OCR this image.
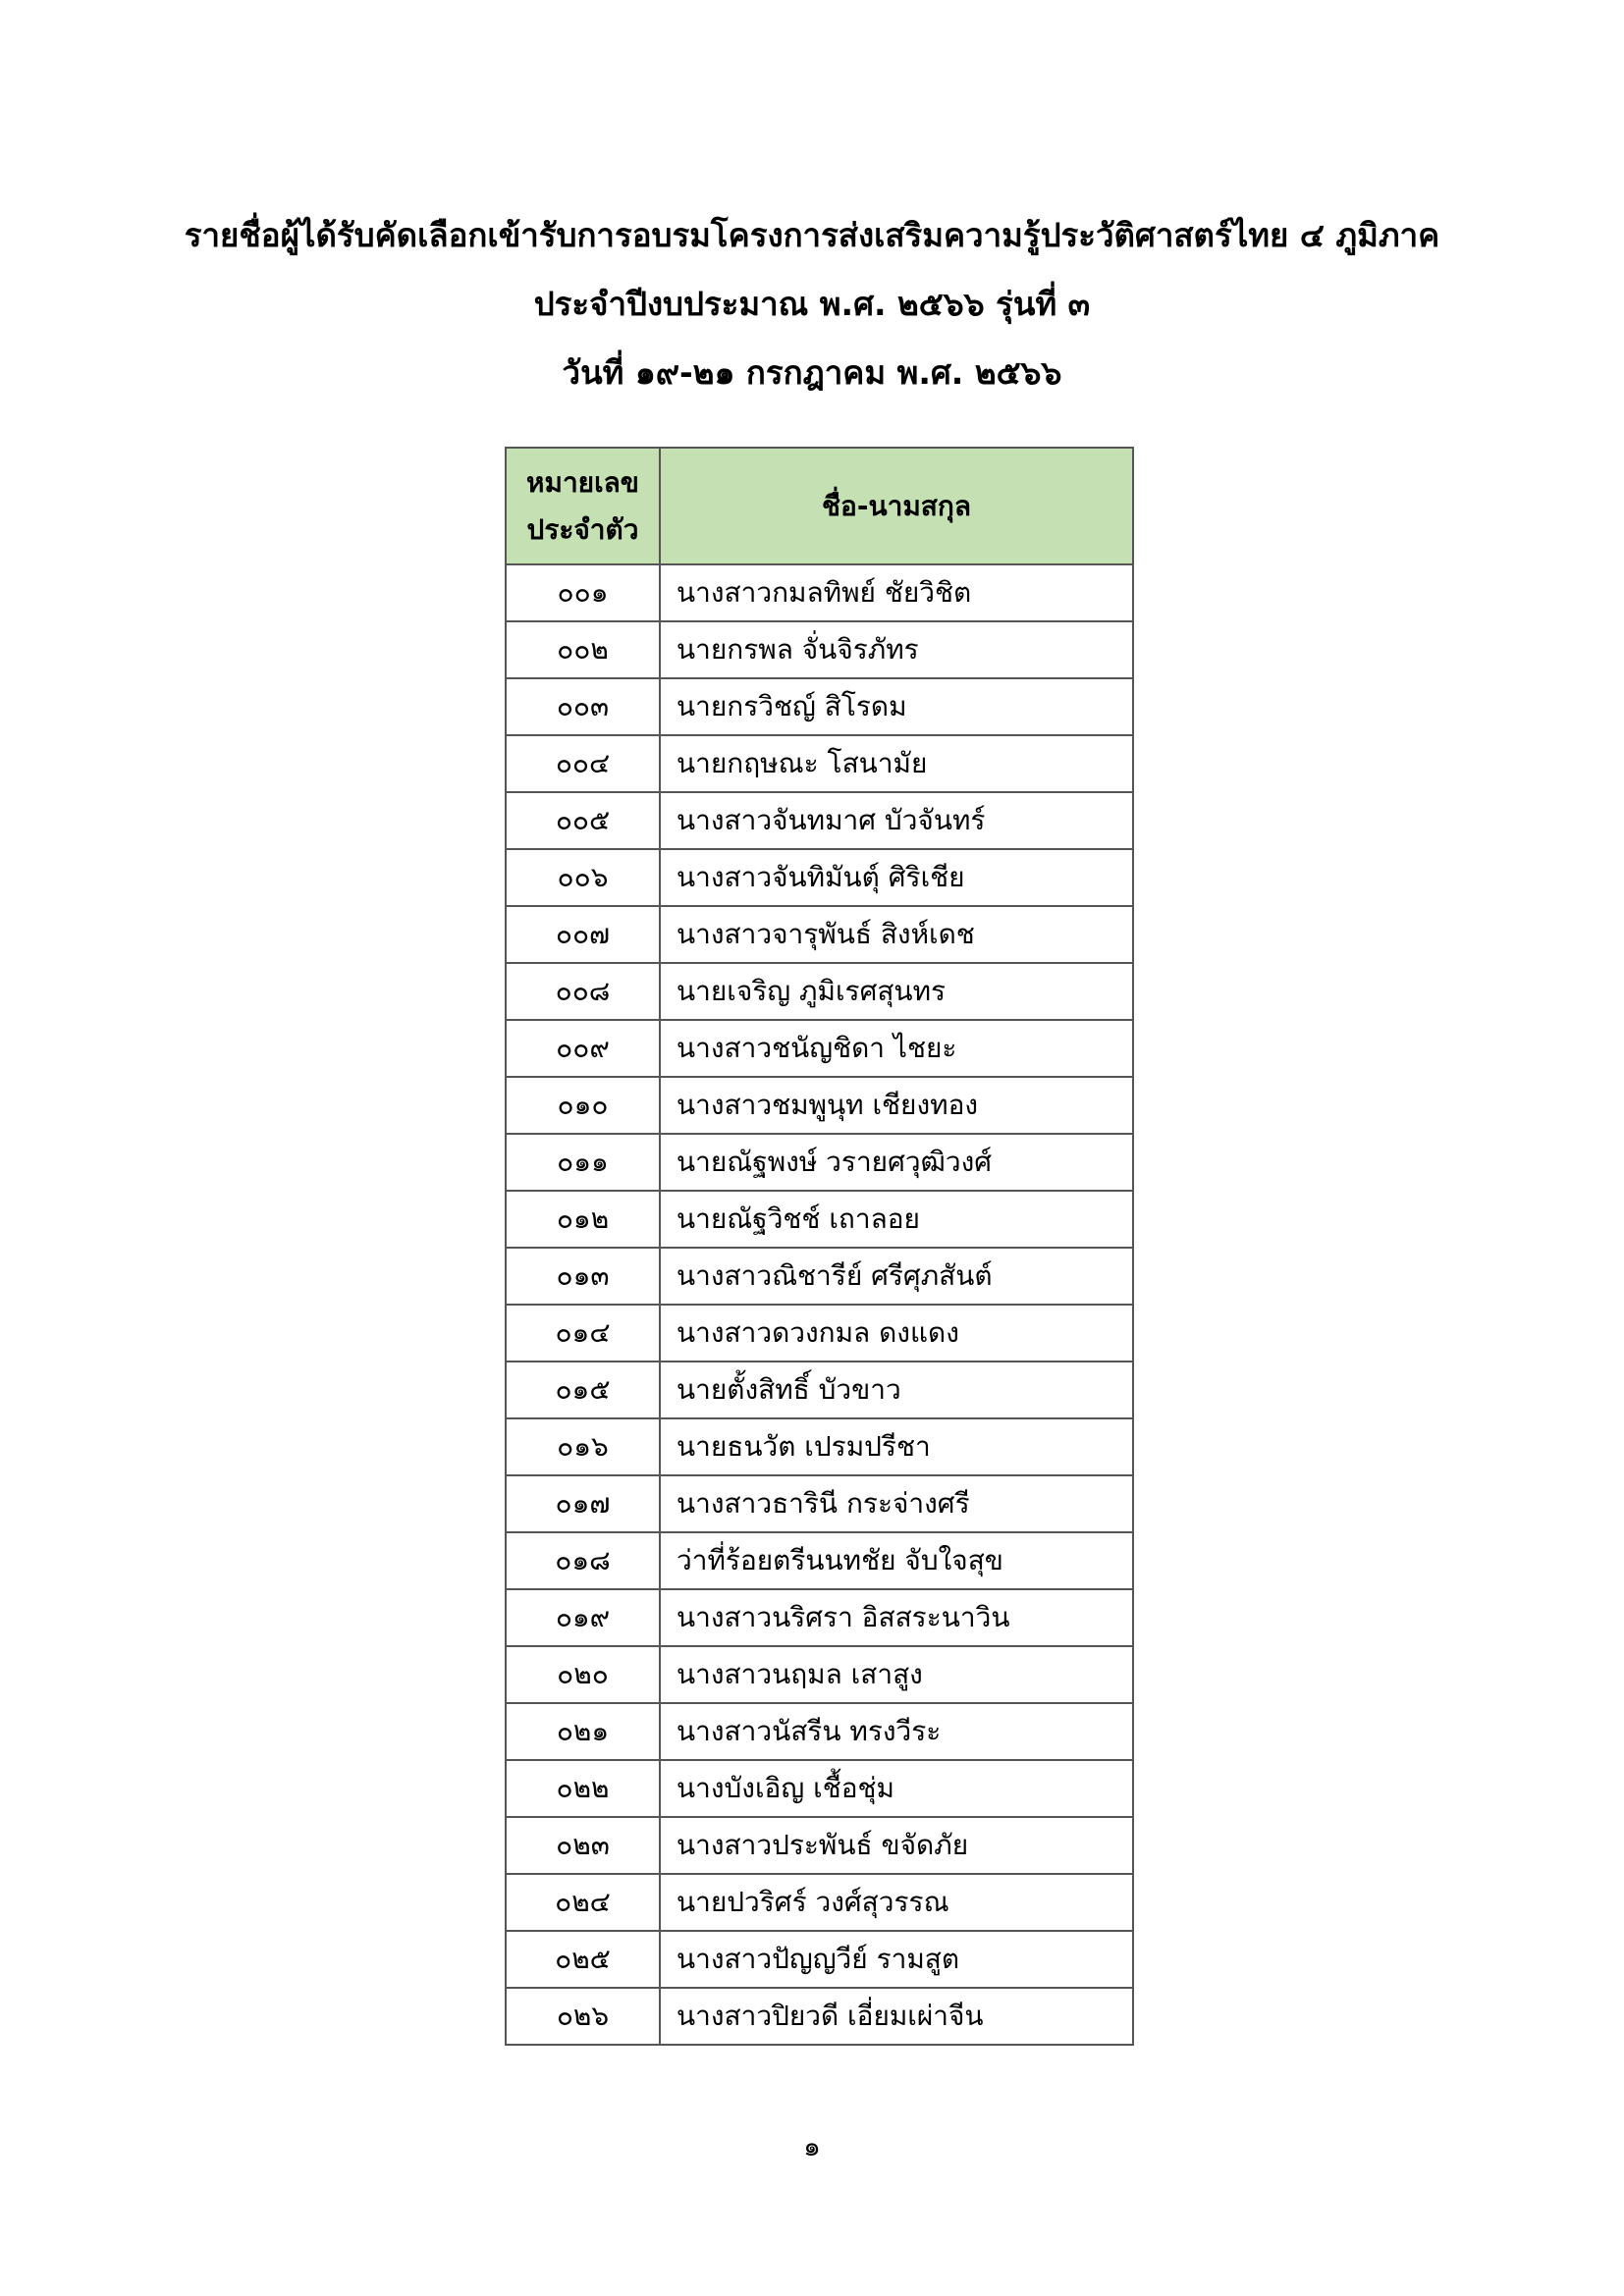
รายชื่อผู้ได้รับคัดเลือกเข้ารับการอบรมโครงการส่งเสริมความรู้ประวัติศาสตร์ไทย ๔ ภูมิภาค
ประจำปีงบประมาณ พ.ศ. ๒๕๖๖ รุ่นที่ ๓
วันที่ ๑๙-๒๑ กรกฎาคม พ.ศ. ๒๕๖๖
หมายเลข
ประจำตัว	ชื่อ-นามสกุล
๐๐๑	นางสาวกมลทิพย์ ชัยวิชิต
๐๐๒	นายกรพล จั่นจิรภัทร
๐๐๓	นายกรวิชญ์ สิโรดม
๐๐๔	นายกฤษณะ โสนามัย
๐๐๕	นางสาวจันทมาศ บัวจันทร์
๐๐๖	นางสาวจันทิมันตุ์ ศิริเชีย
๐๐๗	นางสาวจารุพันธ์ สิงห์เดช
๐๐๘	นายเจริญ ภูมิเรศสุนทร
๐๐๙	นางสาวชนัญชิดา ไชยะ
๐๑๐	นางสาวชมพูนุท เชียงทอง
๐๑๑	นายณัฐพงษ์ วรายศวุฒิวงศ์
๐๑๒	นายณัฐวิชช์ เถาลอย
๐๑๓	นางสาวณิชารีย์ ศรีศุภสันต์
๐๑๔	นางสาวดวงกมล ดงแดง
๐๑๕	นายตั้งสิทธิ์ บัวขาว
๐๑๖	นายธนวัต เปรมปรีชา
๐๑๗	นางสาวธารินี กระจ่างศรี
๐๑๘	ว่าที่ร้อยตรีนนทชัย จับใจสุข
๐๑๙	นางสาวนริศรา อิสสระนาวิน
๐๒๐	นางสาวนฤมล เสาสูง
๐๒๑	นางสาวนัสรีน ทรงวีระ
๐๒๒	นางบังเอิญ เชื้อชุ่ม
๐๒๓	นางสาวประพันธ์ ขจัดภัย
๐๒๔	นายปวริศร์ วงศ์สุวรรณ
๐๒๕	นางสาวปัญญวีย์ รามสูต
๐๒๖	นางสาวปิยวดี เอี่ยมเผ่าจีน
๑
